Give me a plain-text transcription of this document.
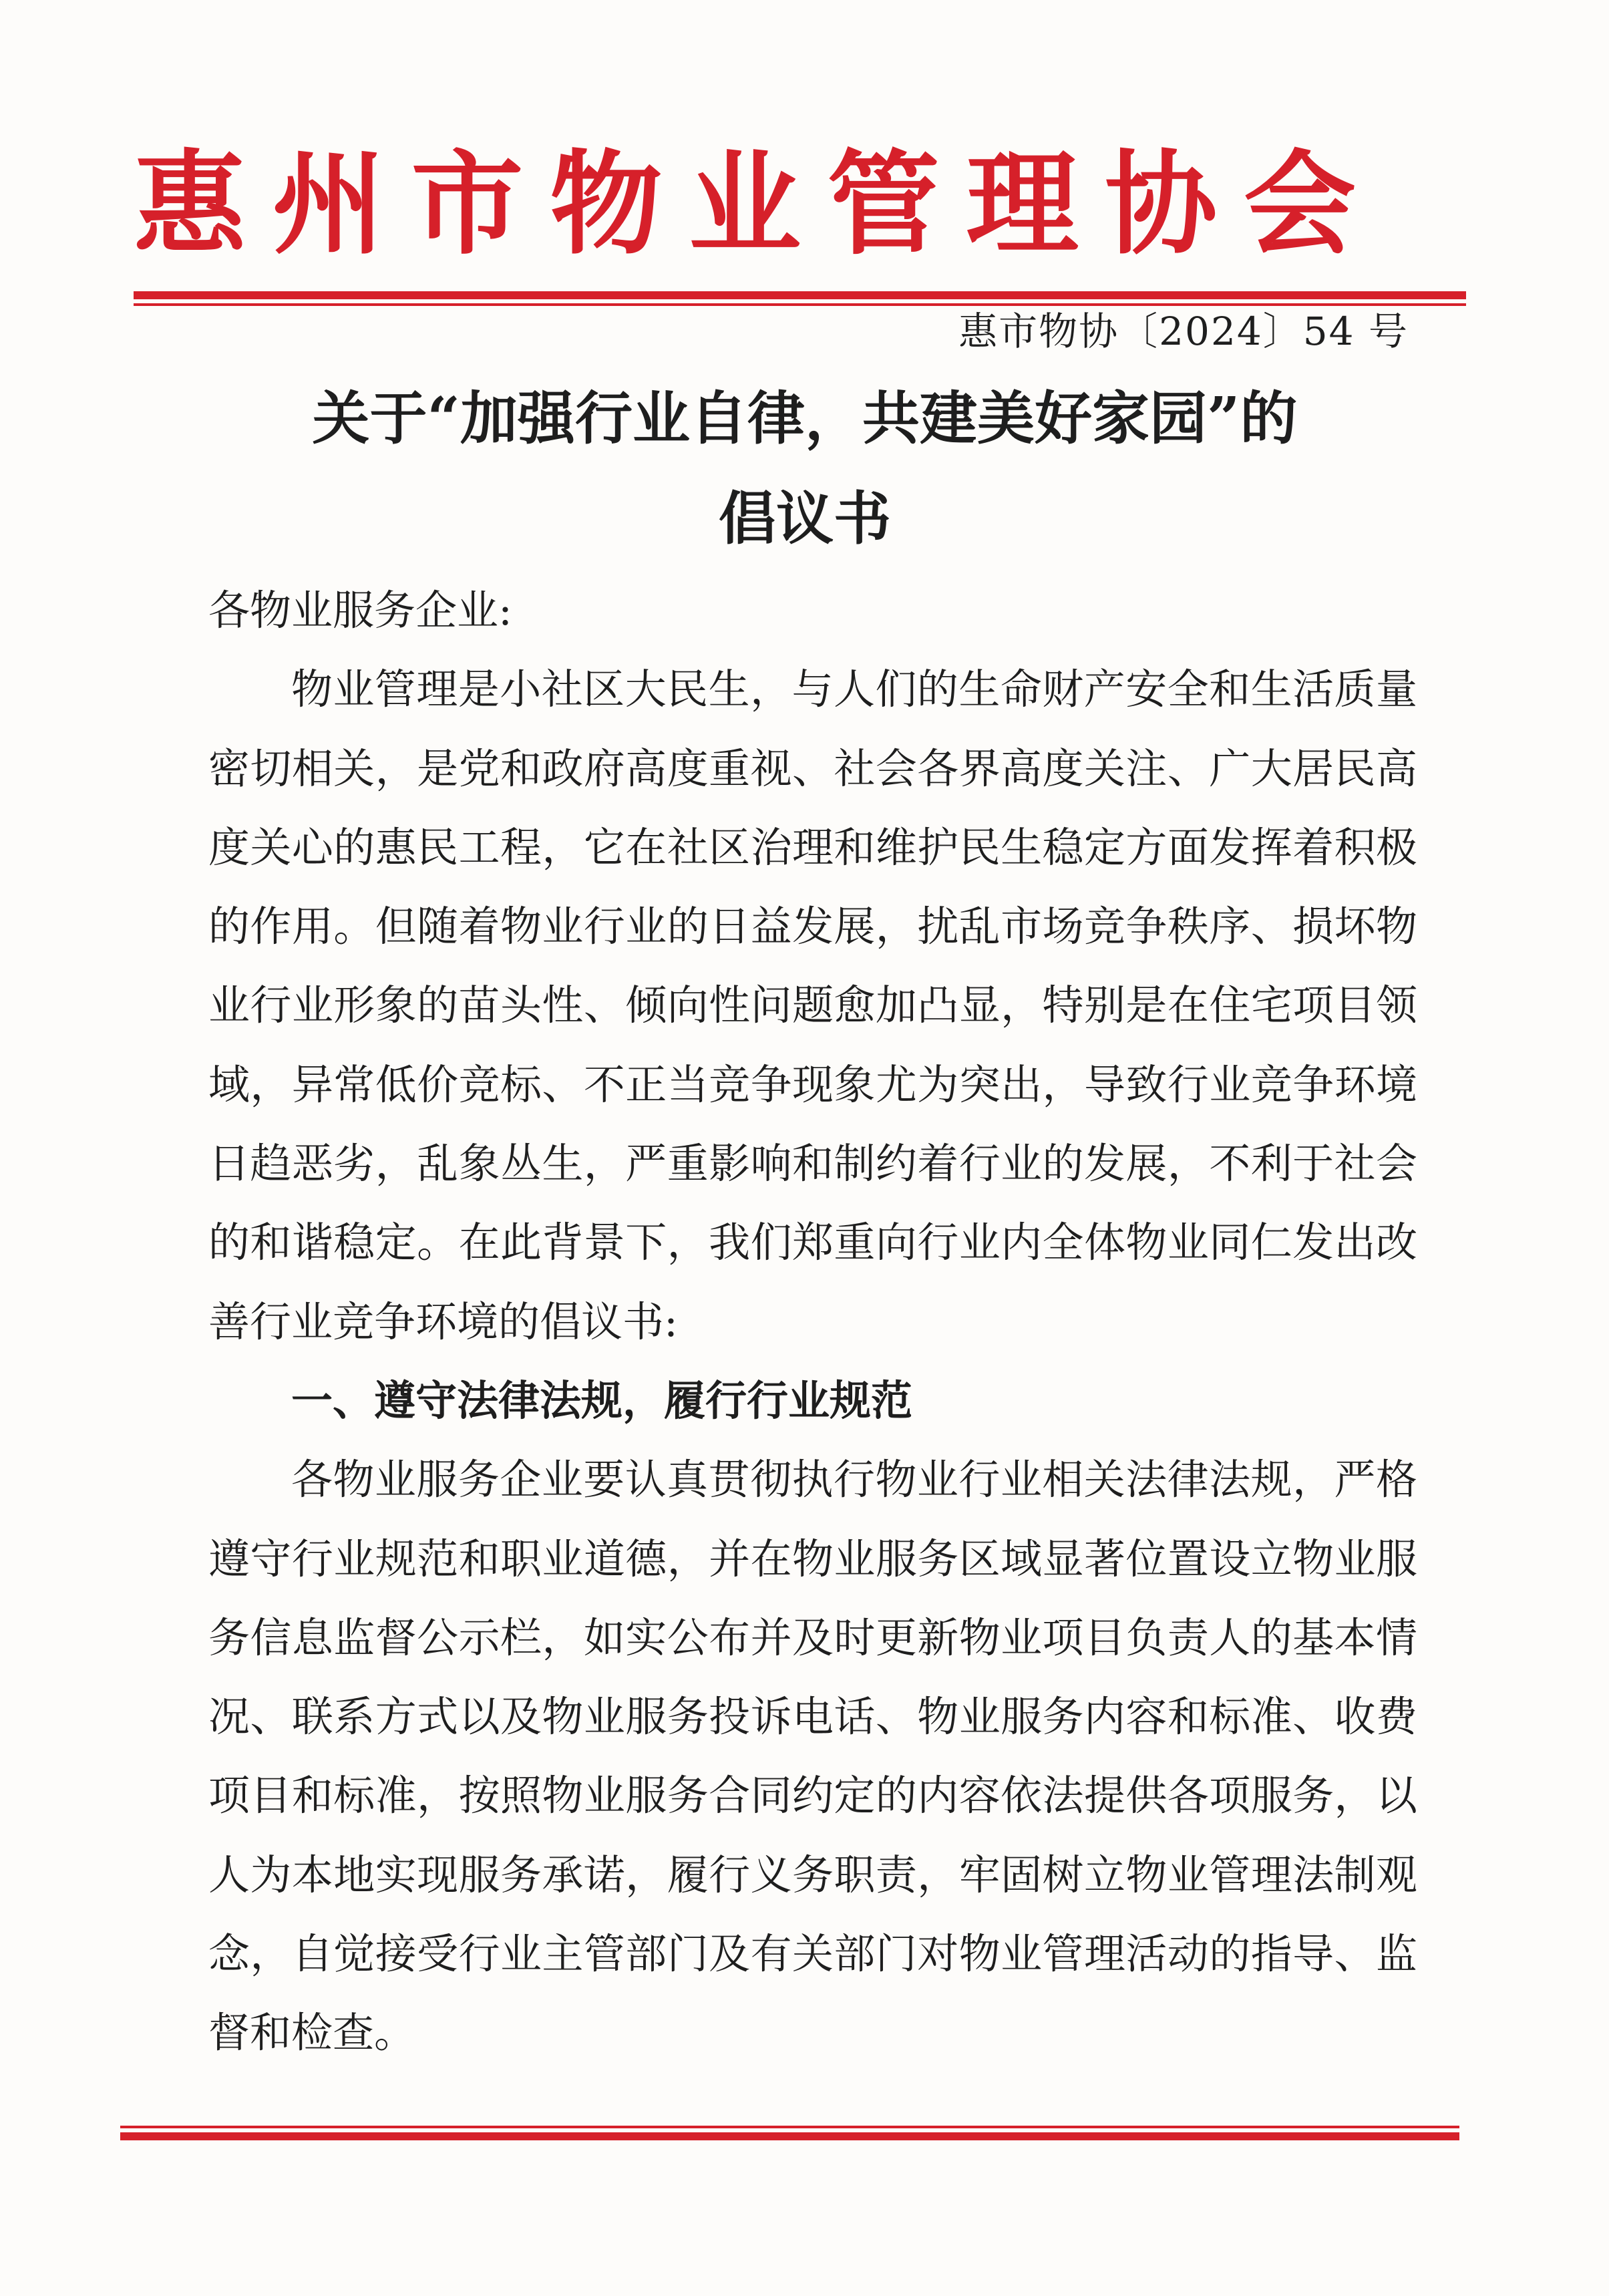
惠 州 市 物 业 管 理 协 会
惠市物协〔2024〕54 号
关于“加强行业自律，共建美好家园”的
倡议书

各物业服务企业:

物业管理是小社区大民生，与人们的生命财产安全和生活质量密切相关，是党和政府高度重视、社会各界高度关注、广大居民高度关心的惠民工程，它在社区治理和维护民生稳定方面发挥着积极的作用。但随着物业行业的日益发展，扰乱市场竞争秩序、损坏物业行业形象的苗头性、倾向性问题愈加凸显，特别是在住宅项目领域，异常低价竞标、不正当竞争现象尤为突出，导致行业竞争环境日趋恶劣，乱象丛生，严重影响和制约着行业的发展，不利于社会的和谐稳定。在此背景下，我们郑重向行业内全体物业同仁发出改善行业竞争环境的倡议书:

一、遵守法律法规，履行行业规范

各物业服务企业要认真贯彻执行物业行业相关法律法规，严格遵守行业规范和职业道德，并在物业服务区域显著位置设立物业服务信息监督公示栏，如实公布并及时更新物业项目负责人的基本情况、联系方式以及物业服务投诉电话、物业服务内容和标准、收费项目和标准，按照物业服务合同约定的内容依法提供各项服务，以人为本地实现服务承诺，履行义务职责，牢固树立物业管理法制观念，自觉接受行业主管部门及有关部门对物业管理活动的指导、监督和检查。
